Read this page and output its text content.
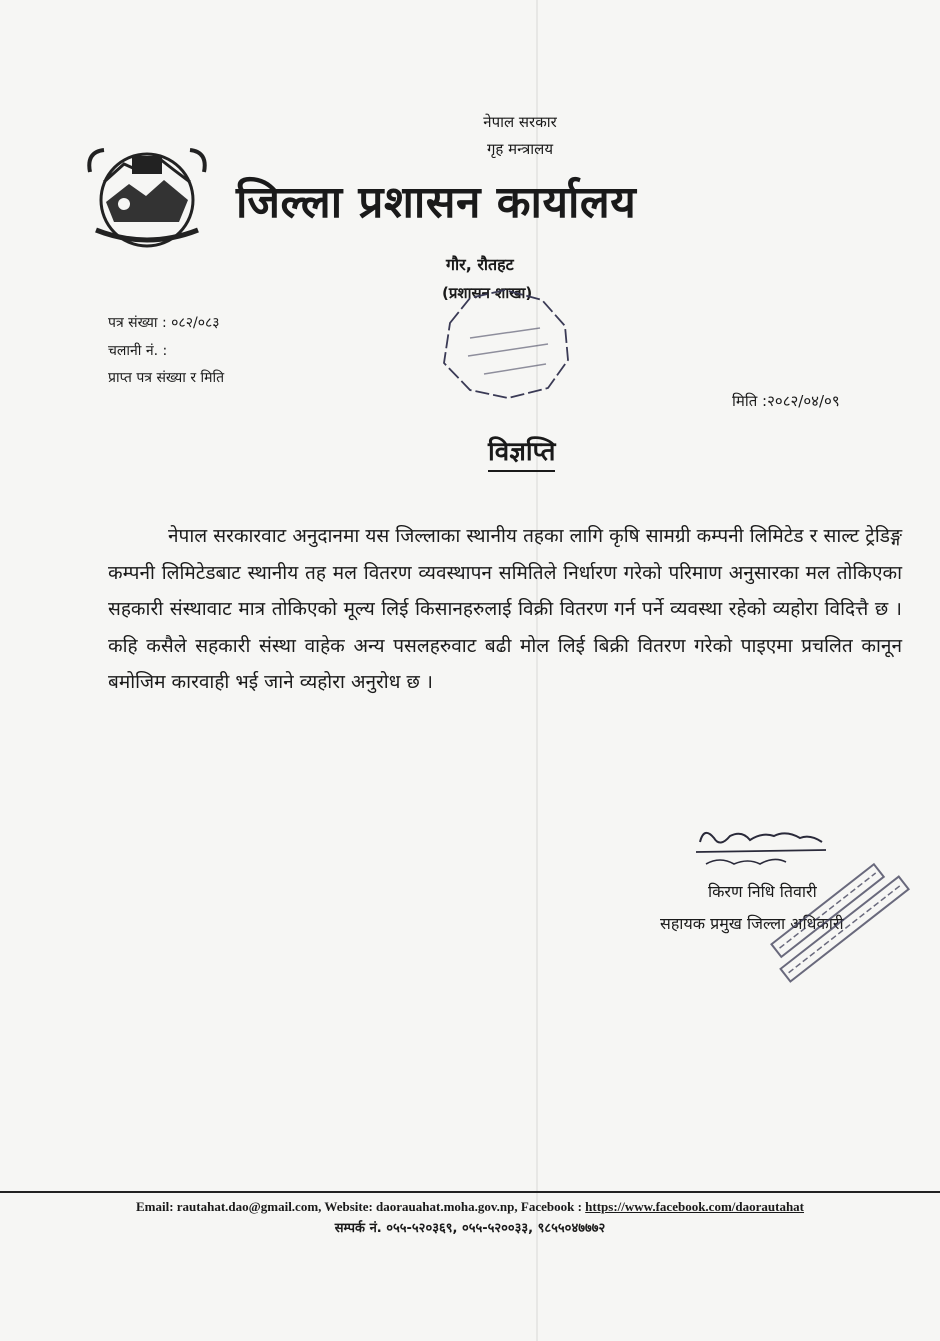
नेपाल सरकार
गृह मन्त्रालय
जिल्ला प्रशासन कार्यालय
गौर, रौतहट
(प्रशासन शाखा)
पत्र संख्या : ०८२/०८३
चलानी नं. :
प्राप्त पत्र संख्या र मिति
मिति :२०८२/०४/०९
विज्ञप्ति

नेपाल सरकारवाट अनुदानमा यस जिल्लाका स्थानीय तहका लागि कृषि सामग्री कम्पनी लिमिटेड र साल्ट ट्रेडिङ्ग कम्पनी लिमिटेडबाट स्थानीय तह मल वितरण व्यवस्थापन समितिले निर्धारण गरेको परिमाण अनुसारका मल तोकिएका सहकारी संस्थावाट मात्र तोकिएको मूल्य लिई किसानहरुलाई विक्री वितरण गर्न पर्ने व्यवस्था रहेको व्यहोरा विदित्तै छ । कहि कसैले सहकारी संस्था वाहेक अन्य पसलहरुवाट बढी मोल लिई बिक्री वितरण गरेको पाइएमा प्रचलित कानून बमोजिम कारवाही भई जाने व्यहोरा अनुरोध छ ।

किरण निधि तिवारी
सहायक प्रमुख जिल्ला अधिकारी
Email: rautahat.dao@gmail.com, Website: daorauahat.moha.gov.np, Facebook : https://www.facebook.com/daorautahat
सम्पर्क नं. ०५५-५२०३६९, ०५५-५२००३३, ९८५५०४७७७२
